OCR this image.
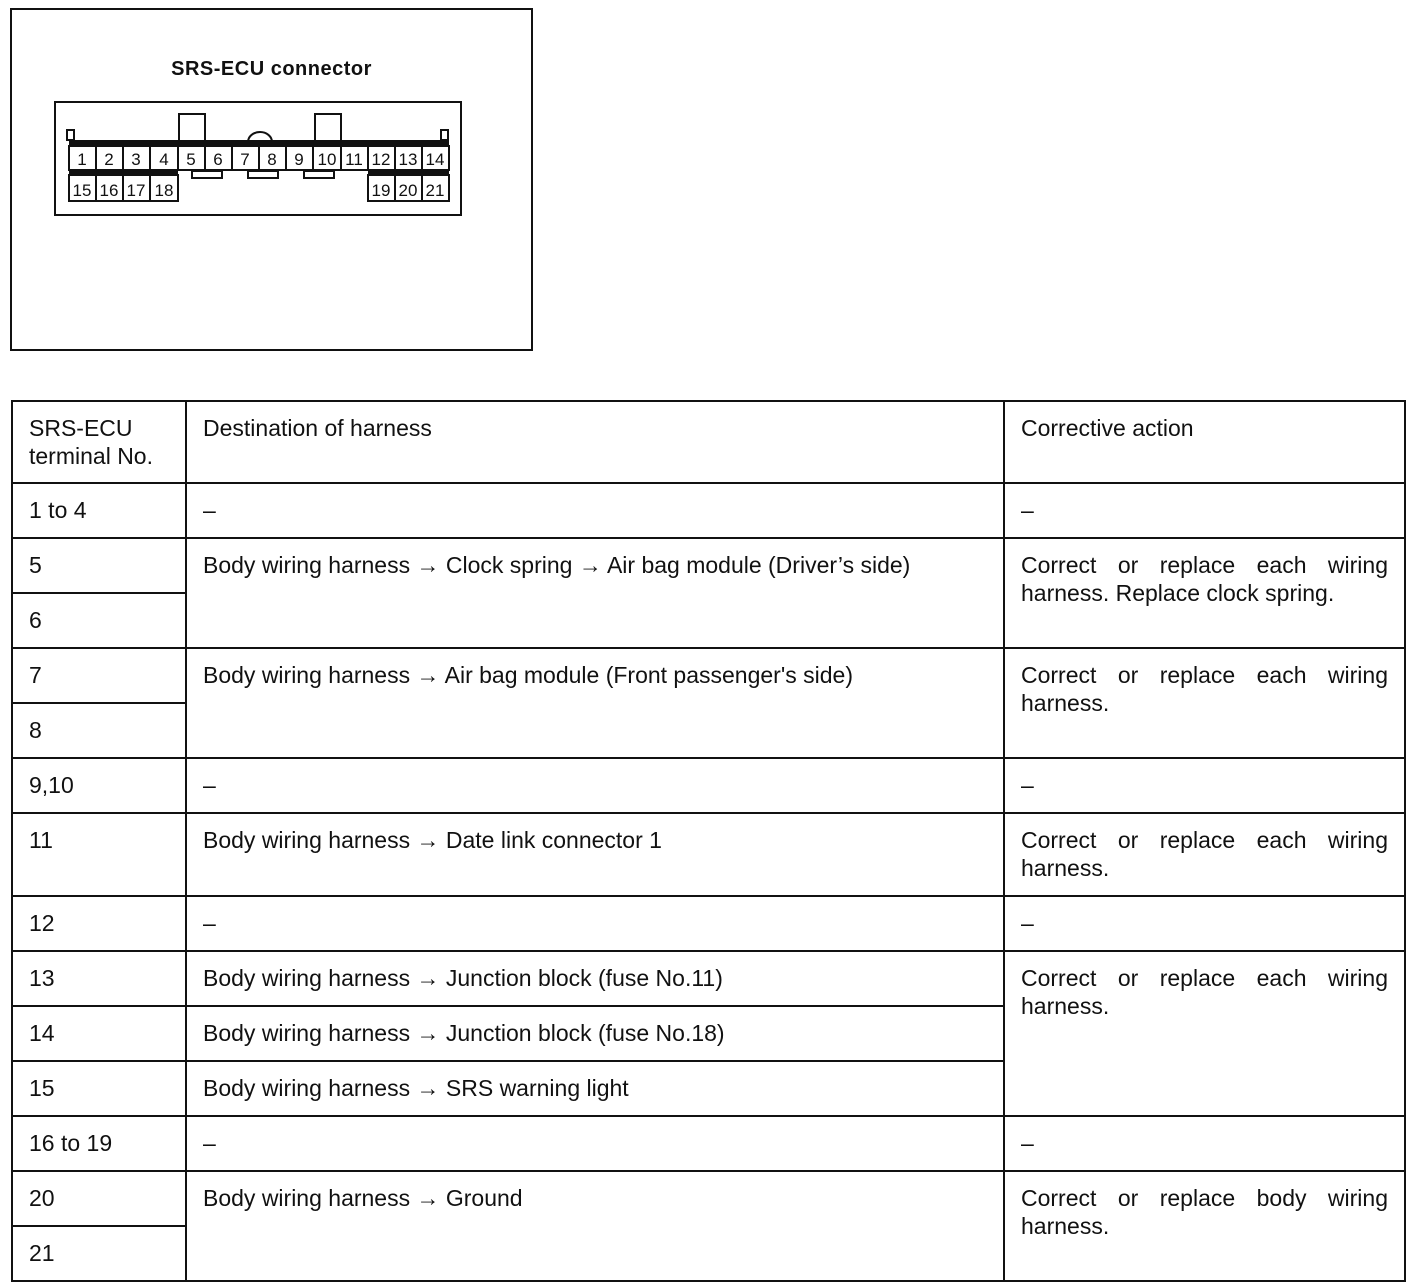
SRS-ECU connector
1 2 3 4 5 6 7 8 9 10 11 12 13 14
15 16 17 18	19 20 21
SRS-ECU terminal No.	Destination of harness	Corrective action
1 to 4	–	–
5	Body wiring harness → Clock spring → Air bag module (Driver’s side)	Correct or replace each wiring harness. Replace clock spring.
6		
7	Body wiring harness → Air bag module (Front passenger's side)	Correct or replace each wiring harness.
8		
9,10	–	–
11	Body wiring harness → Date link connector 1	Correct or replace each wiring harness.
12	–	–
13	Body wiring harness → Junction block (fuse No.11)	Correct or replace each wiring harness.
14	Body wiring harness → Junction block (fuse No.18)	
15	Body wiring harness → SRS warning light	
16 to 19	–	–
20	Body wiring harness → Ground	Correct or replace body wiring harness.
21		
